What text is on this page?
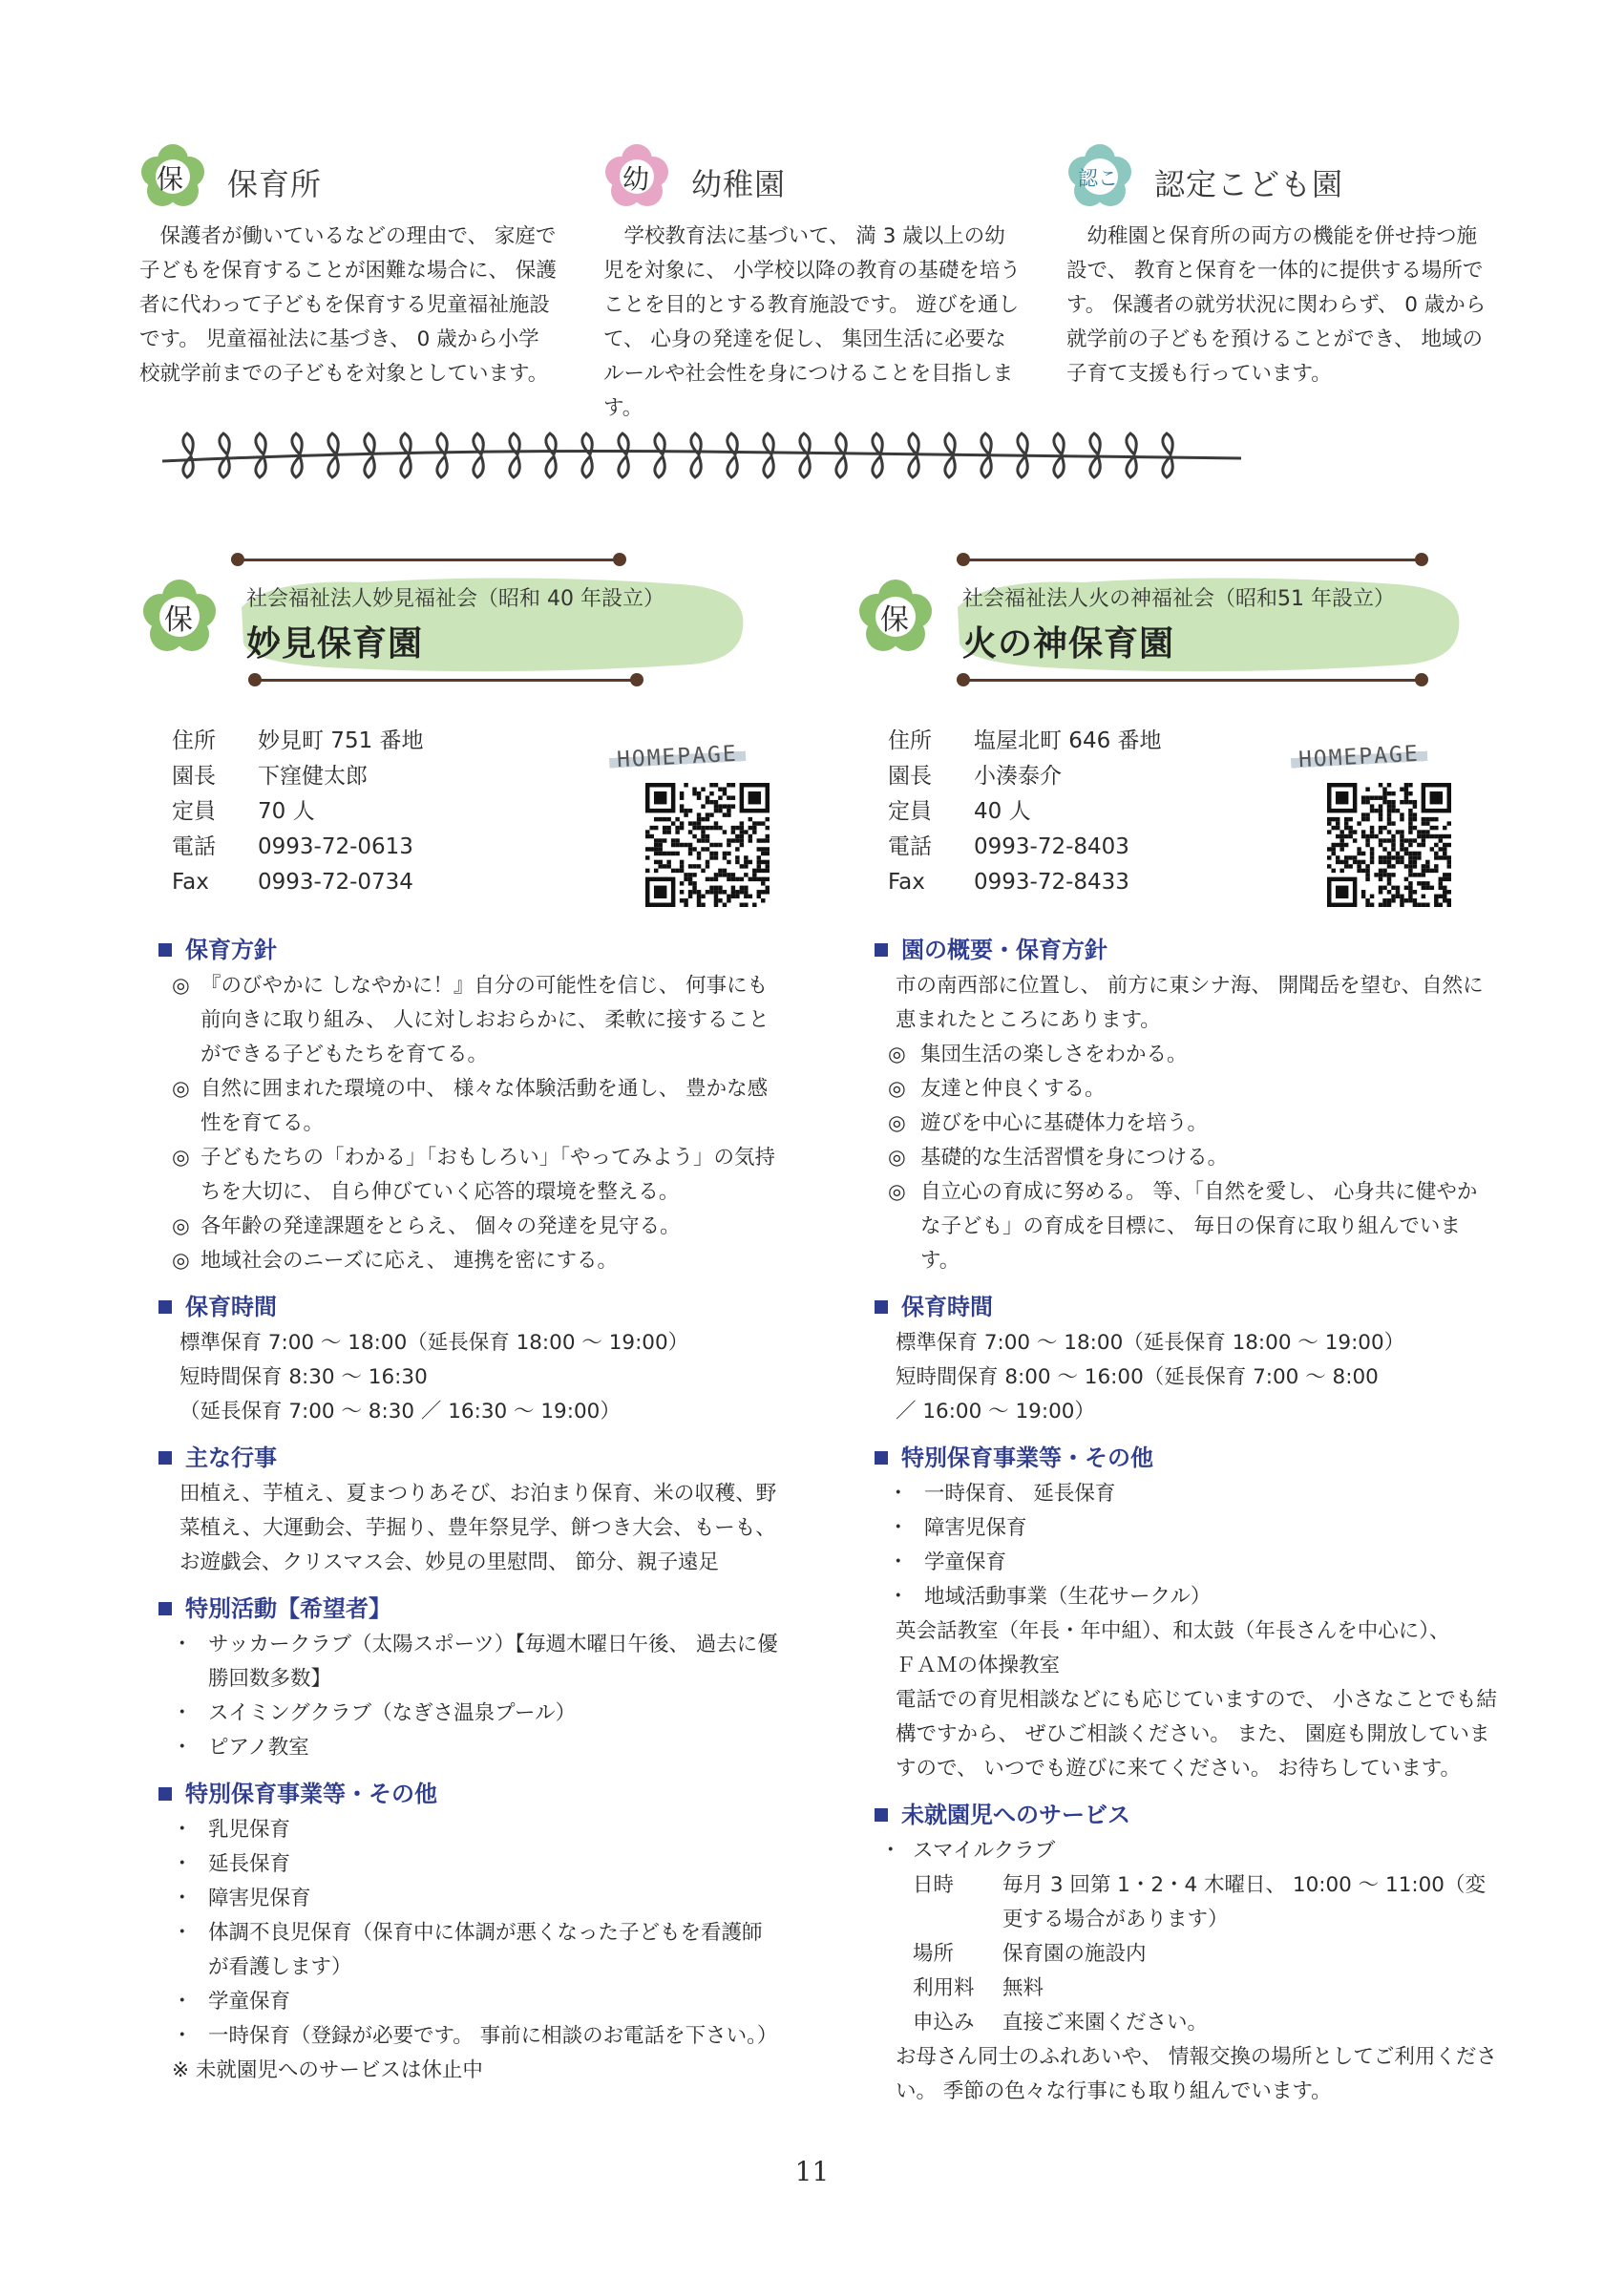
保 保育所
保護者が働いているなどの理由で、 家庭で子どもを保育することが困難な場合に、 保護者に代わって子どもを保育する児童福祉施設です。 児童福祉法に基づき、 0 歳から小学校就学前までの子どもを対象としています。
幼 幼稚園
学校教育法に基づいて、 満 3 歳以上の幼児を対象に、 小学校以降の教育の基礎を培うことを目的とする教育施設です。 遊びを通して、 心身の発達を促し、 集団生活に必要なルールや社会性を身につけることを目指します。
認こ 認定こども園
幼稚園と保育所の両方の機能を併せ持つ施設で、 教育と保育を一体的に提供する場所です。 保護者の就労状況に関わらず、 0 歳から就学前の子どもを預けることができ、 地域の子育て支援も行っています。
保
社会福祉法人妙見福祉会（昭和 40 年設立）
妙見保育園
住所	妙見町 751 番地
園長	下窪健太郎
定員	70 人
電話	0993-72-0613
Fax	0993-72-0734
HOMEPAGE
保育方針
◎ 『のびやかに しなやかに！』自分の可能性を信じ、 何事にも前向きに取り組み、 人に対しおおらかに、 柔軟に接することができる子どもたちを育てる。
◎ 自然に囲まれた環境の中、 様々な体験活動を通し、 豊かな感性を育てる。
◎ 子どもたちの「わかる」「おもしろい」「やってみよう」の気持ちを大切に、 自ら伸びていく応答的環境を整える。
◎ 各年齢の発達課題をとらえ、 個々の発達を見守る。
◎ 地域社会のニーズに応え、 連携を密にする。
保育時間
標準保育 7:00 〜 18:00（延長保育 18:00 〜 19:00）
短時間保育 8:30 〜 16:30
（延長保育 7:00 〜 8:30 ／ 16:30 〜 19:00）
主な行事
田植え、芋植え、夏まつりあそび、お泊まり保育、米の収穫、野菜植え、大運動会、芋掘り、豊年祭見学、餅つき大会、もーも、お遊戯会、クリスマス会、妙見の里慰問、 節分、親子遠足
特別活動【希望者】
・ サッカークラブ（太陽スポーツ）【毎週木曜日午後、 過去に優勝回数多数】
・ スイミングクラブ（なぎさ温泉プール）
・ ピアノ教室
特別保育事業等・その他
・ 乳児保育
・ 延長保育
・ 障害児保育
・ 体調不良児保育（保育中に体調が悪くなった子どもを看護師が看護します）
・ 学童保育
・ 一時保育（登録が必要です。 事前に相談のお電話を下さい。）
※ 未就園児へのサービスは休止中
保
社会福祉法人火の神福祉会（昭和51 年設立）
火の神保育園
住所	塩屋北町 646 番地
園長	小湊泰介
定員	40 人
電話	0993-72-8403
Fax	0993-72-8433
HOMEPAGE
園の概要・保育方針
市の南西部に位置し、 前方に東シナ海、 開聞岳を望む、自然に恵まれたところにあります。
◎ 集団生活の楽しさをわかる。
◎ 友達と仲良くする。
◎ 遊びを中心に基礎体力を培う。
◎ 基礎的な生活習慣を身につける。
◎ 自立心の育成に努める。 等、「自然を愛し、 心身共に健やかな子ども」の育成を目標に、 毎日の保育に取り組んでいます。
保育時間
標準保育 7:00 〜 18:00（延長保育 18:00 〜 19:00）
短時間保育 8:00 〜 16:00（延長保育 7:00 〜 8:00
／ 16:00 〜 19:00）
特別保育事業等・その他
・ 一時保育、 延長保育
・ 障害児保育
・ 学童保育
・ 地域活動事業（生花サークル）
英会話教室（年長・年中組）、和太鼓（年長さんを中心に）、
ＦＡＭの体操教室
電話での育児相談などにも応じていますので、 小さなことでも結構ですから、 ぜひご相談ください。 また、 園庭も開放していますので、 いつでも遊びに来てください。 お待ちしています。
未就園児へのサービス
・ スマイルクラブ
日時	毎月 3 回第 1・2・4 木曜日、 10:00 〜 11:00（変更する場合があります）
場所	保育園の施設内
利用料	無料
申込み	直接ご来園ください。
お母さん同士のふれあいや、 情報交換の場所としてご利用ください。 季節の色々な行事にも取り組んでいます。
11
